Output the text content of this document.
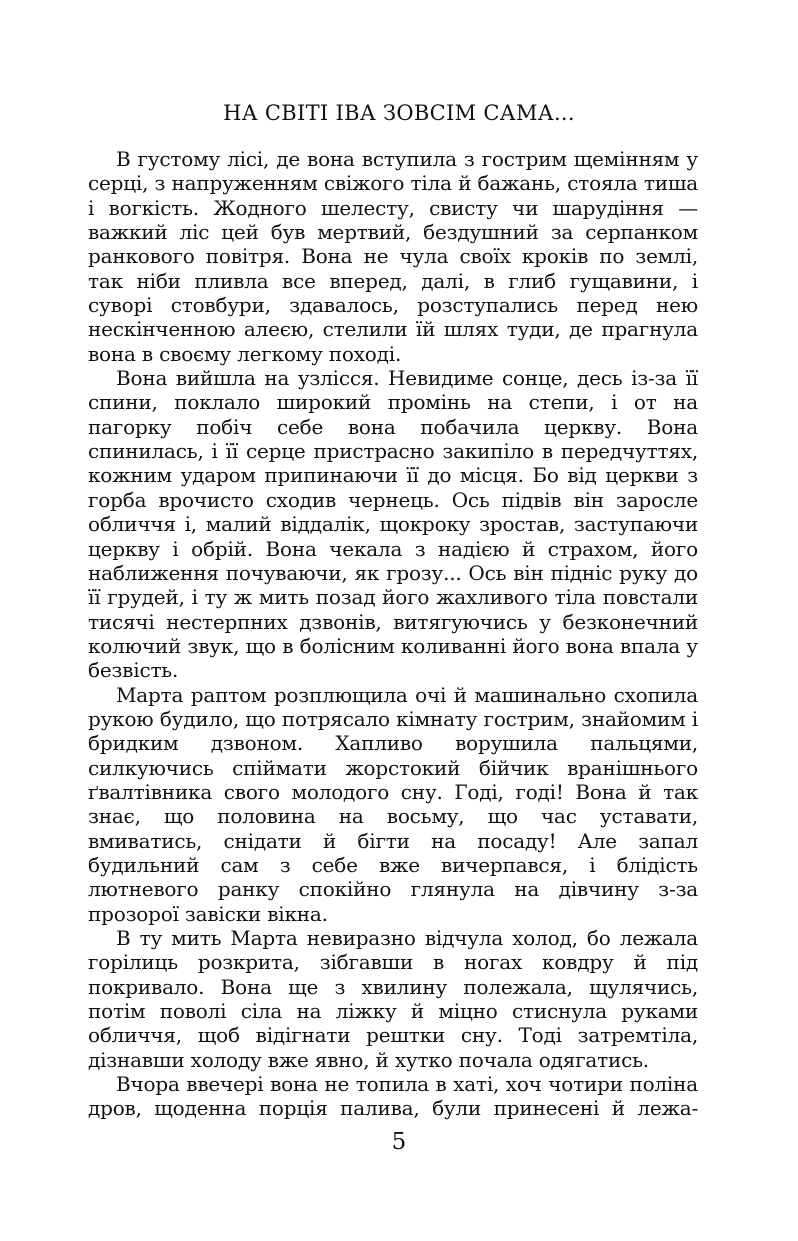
НА СВІТІ ІВА ЗОВСІМ САМА...

В густому лісі, де вона вступила з гострим щемінням у серці, з напруженням свіжого тіла й бажань, стояла тиша і вогкість. Жодного шелесту, свисту чи шарудіння — важкий ліс цей був мертвий, бездушний за серпанком ранкового повітря. Вона не чула своїх кроків по землі, так ніби пливла все вперед, далі, в глиб гущавини, і суворі стовбури, здавалось, розступались перед нею нескінченною алеєю, стелили їй шлях туди, де прагнула вона в своєму легкому поході.

Вона вийшла на узлісся. Невидиме сонце, десь із-за її спини, поклало широкий промінь на степи, і от на пагорку побіч себе вона побачила церкву. Вона спинилась, і її серце пристрасно закипіло в передчуттях, кожним ударом припинаючи її до місця. Бо від церкви з горба врочисто сходив чернець. Ось підвів він зарослe обличчя і, малий віддалік, щокроку зростав, заступаючи церкву і обрій. Вона чекала з надією й страхом, його наближення почуваючи, як грозу... Ось він підніс руку до її грудей, і ту ж мить позад його жахливого тіла повстали тисячі нестерпних дзвонів, витягуючись у безконечний колючий звук, що в болісним коливанні його вона впала у безвість.

Марта раптом розплющила очі й машинально схопила рукою будило, що потрясало кімнату гострим, знайомим і бридким дзвоном. Хапливо ворушила пальцями, силкуючись спіймати жорстокий бійчик вранішнього ґвалтівника свого молодого сну. Годі, годі! Вона й так знає, що половина на восьму, що час уставати, вмиватись, снідати й бігти на посаду! Але запал будильний сам з себе вже вичерпався, і блідість лютневого ранку спокійно глянула на дівчину з-за прозорої завіски вікна.

В ту мить Марта невиразно відчула холод, бо лежала горілиць розкрита, зібгавши в ногах ковдру й під покривало. Вона ще з хвилину полежала, щулячись, потім поволі сіла на ліжку й міцно стиснула руками обличчя, щоб відігнати рештки сну. Тоді затремтіла, дізнавши холоду вже явно, й хутко почала одягатись.

Вчора ввечері вона не топила в хаті, хоч чотири поліна дров, щоденна порція палива, були принесені й лежа-

5
